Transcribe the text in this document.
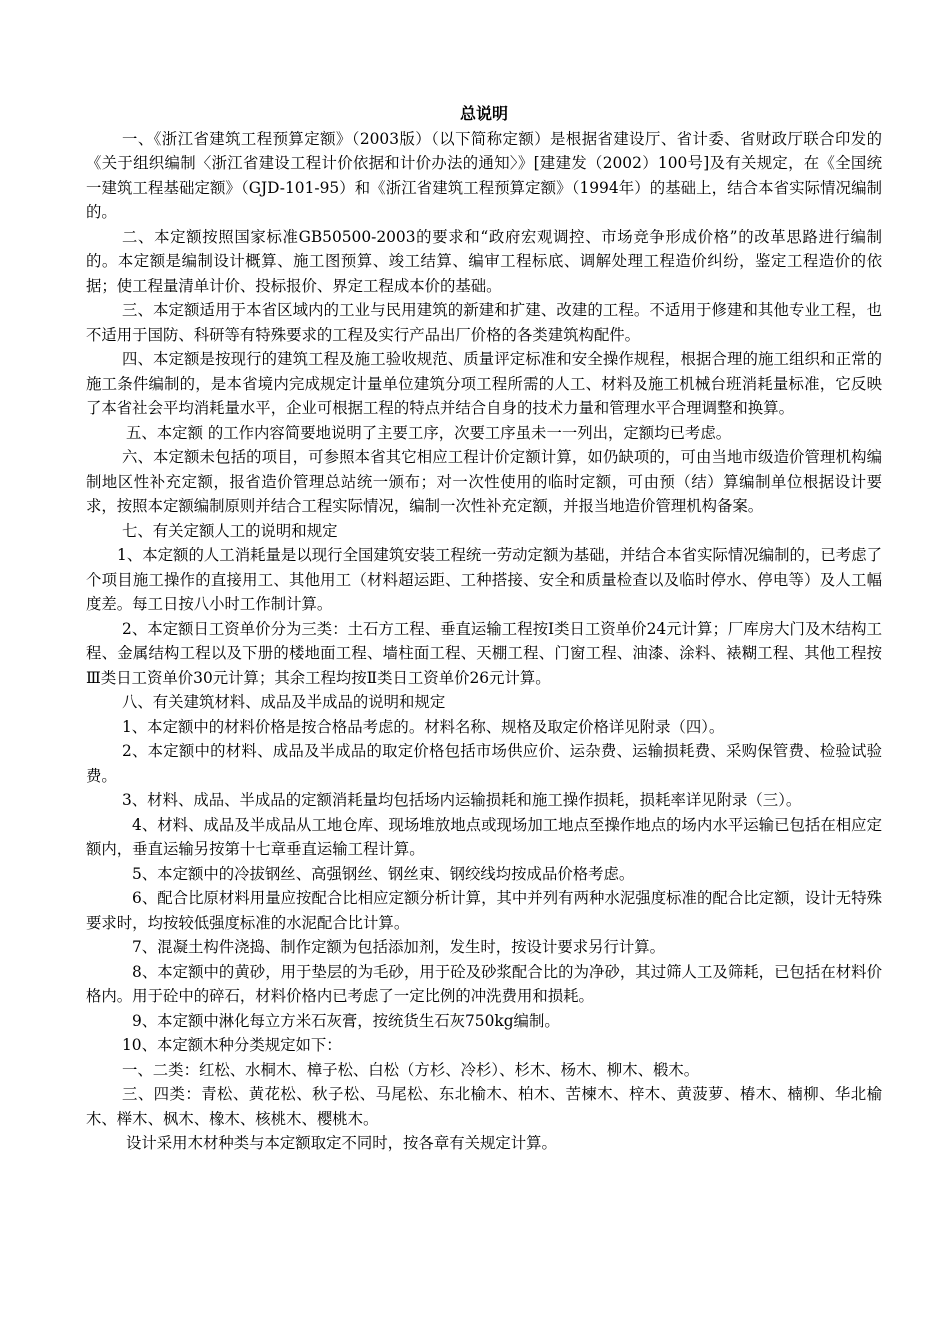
总说明

一、《浙江省建筑工程预算定额》（2003版）（以下简称定额）是根据省建设厅、省计委、省财政厅联合印发的《关于组织编制〈浙江省建设工程计价依据和计价办法的通知〉》[建建发（2002）100号]及有关规定，在《全国统一建筑工程基础定额》（GJD-101-95）和《浙江省建筑工程预算定额》（1994年）的基础上，结合本省实际情况编制的。

二、本定额按照国家标准GB50500-2003的要求和“政府宏观调控、市场竞争形成价格”的改革思路进行编制的。本定额是编制设计概算、施工图预算、竣工结算、编审工程标底、调解处理工程造价纠纷，鉴定工程造价的依据；使工程量清单计价、投标报价、界定工程成本价的基础。

三、本定额适用于本省区域内的工业与民用建筑的新建和扩建、改建的工程。不适用于修建和其他专业工程，也不适用于国防、科研等有特殊要求的工程及实行产品出厂价格的各类建筑构配件。

四、本定额是按现行的建筑工程及施工验收规范、质量评定标准和安全操作规程，根据合理的施工组织和正常的施工条件编制的，是本省境内完成规定计量单位建筑分项工程所需的人工、材料及施工机械台班消耗量标准，它反映了本省社会平均消耗量水平，企业可根据工程的特点并结合自身的技术力量和管理水平合理调整和换算。

五、本定额 的工作内容简要地说明了主要工序，次要工序虽未一一列出，定额均已考虑。

六、本定额未包括的项目，可参照本省其它相应工程计价定额计算，如仍缺项的，可由当地市级造价管理机构编制地区性补充定额，报省造价管理总站统一颁布；对一次性使用的临时定额，可由预（结）算编制单位根据设计要求，按照本定额编制原则并结合工程实际情况，编制一次性补充定额，并报当地造价管理机构备案。

七、有关定额人工的说明和规定

1、本定额的人工消耗量是以现行全国建筑安装工程统一劳动定额为基础，并结合本省实际情况编制的，已考虑了个项目施工操作的直接用工、其他用工（材料超运距、工种搭接、安全和质量检查以及临时停水、停电等）及人工幅度差。每工日按八小时工作制计算。

2、本定额日工资单价分为三类：土石方工程、垂直运输工程按Ⅰ类日工资单价24元计算；厂库房大门及木结构工程、金属结构工程以及下册的楼地面工程、墙柱面工程、天棚工程、门窗工程、油漆、涂料、裱糊工程、其他工程按Ⅲ类日工资单价30元计算；其余工程均按Ⅱ类日工资单价26元计算。

八、有关建筑材料、成品及半成品的说明和规定

1、本定额中的材料价格是按合格品考虑的。材料名称、规格及取定价格详见附录（四）。

2、本定额中的材料、成品及半成品的取定价格包括市场供应价、运杂费、运输损耗费、采购保管费、检验试验费。

3、材料、成品、半成品的定额消耗量均包括场内运输损耗和施工操作损耗，损耗率详见附录（三）。

4、材料、成品及半成品从工地仓库、现场堆放地点或现场加工地点至操作地点的场内水平运输已包括在相应定额内，垂直运输另按第十七章垂直运输工程计算。

5、本定额中的冷拔钢丝、高强钢丝、钢丝束、钢绞线均按成品价格考虑。

6、配合比原材料用量应按配合比相应定额分析计算，其中并列有两种水泥强度标准的配合比定额，设计无特殊要求时，均按较低强度标准的水泥配合比计算。

7、混凝土构件浇捣、制作定额为包括添加剂，发生时，按设计要求另行计算。

8、本定额中的黄砂，用于垫层的为毛砂，用于砼及砂浆配合比的为净砂，其过筛人工及筛耗，已包括在材料价格内。用于砼中的碎石，材料价格内已考虑了一定比例的冲洗费用和损耗。

9、本定额中淋化每立方米石灰膏，按统货生石灰750kg编制。

10、本定额木种分类规定如下：

一、二类：红松、水桐木、樟子松、白松（方杉、冷杉）、杉木、杨木、柳木、椴木。

三、四类：青松、黄花松、秋子松、马尾松、东北榆木、柏木、苦楝木、梓木、黄菠萝、椿木、楠柳、华北榆木、榉木、枫木、橡木、核桃木、樱桃木。

设计采用木材种类与本定额取定不同时，按各章有关规定计算。
